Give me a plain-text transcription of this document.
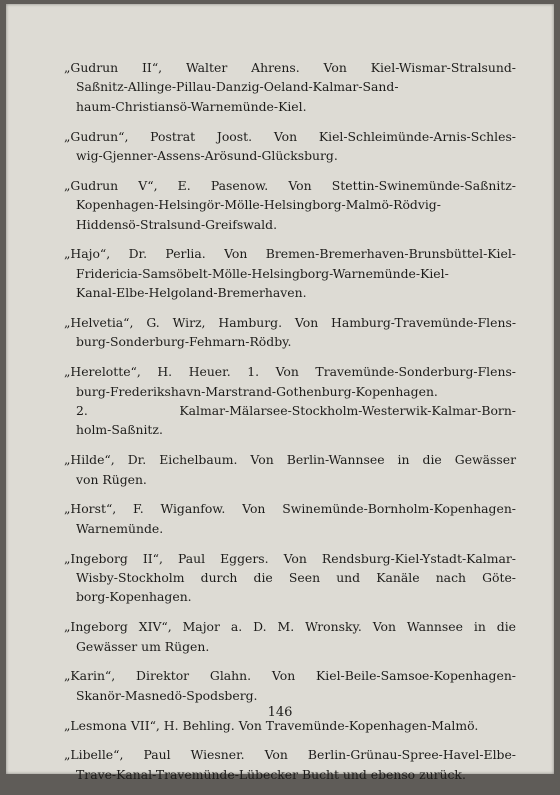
„Gudrun II“, Walter Ahrens. Von Kiel-Wismar-Stralsund-
Saßnitz-Allinge-Pillau-Danzig-Oeland-Kalmar-Sand-
haum-Christiansö-Warnemünde-Kiel.
„Gudrun“, Postrat Joost. Von Kiel-Schleimünde-Arnis-Schles-
wig-Gjenner-Assens-Arösund-Glücksburg.
„Gudrun V“, E. Pasenow. Von Stettin-Swinemünde-Saßnitz-
Kopenhagen-Helsingör-Mölle-Helsingborg-Malmö-Rödvig-
Hiddensö-Stralsund-Greifswald.
„Hajo“, Dr. Perlia. Von Bremen-Bremerhaven-Brunsbüttel-Kiel-
Fridericia-Samsöbelt-Mölle-Helsingborg-Warnemünde-Kiel-
Kanal-Elbe-Helgoland-Bremerhaven.
„Helvetia“, G. Wirz, Hamburg. Von Hamburg-Travemünde-Flens-
burg-Sonderburg-Fehmarn-Rödby.
„Herelotte“, H. Heuer. 1. Von Travemünde-Sonderburg-Flens-
burg-Frederikshavn-Marstrand-Gothenburg-Kopenhagen.
2. Kalmar-Mälarsee-Stockholm-Westerwik-Kalmar-Born-
holm-Saßnitz.
„Hilde“, Dr. Eichelbaum. Von Berlin-Wannsee in die Gewässer
von Rügen.
„Horst“, F. Wiganfow. Von Swinemünde-Bornholm-Kopenhagen-
Warnemünde.
„Ingeborg II“, Paul Eggers. Von Rendsburg-Kiel-Ystadt-Kalmar-
Wisby-Stockholm durch die Seen und Kanäle nach Göte-
borg-Kopenhagen.
„Ingeborg XIV“, Major a. D. M. Wronsky. Von Wannsee in die
Gewässer um Rügen.
„Karin“, Direktor Glahn. Von Kiel-Beile-Samsoe-Kopenhagen-
Skanör-Masnedö-Spodsberg.
„Lesmona VII“, H. Behling. Von Travemünde-Kopenhagen-Malmö.
„Libelle“, Paul Wiesner. Von Berlin-Grünau-Spree-Havel-Elbe-
Trave-Kanal-Travemünde-Lübecker Bucht und ebenso zurück.
146
